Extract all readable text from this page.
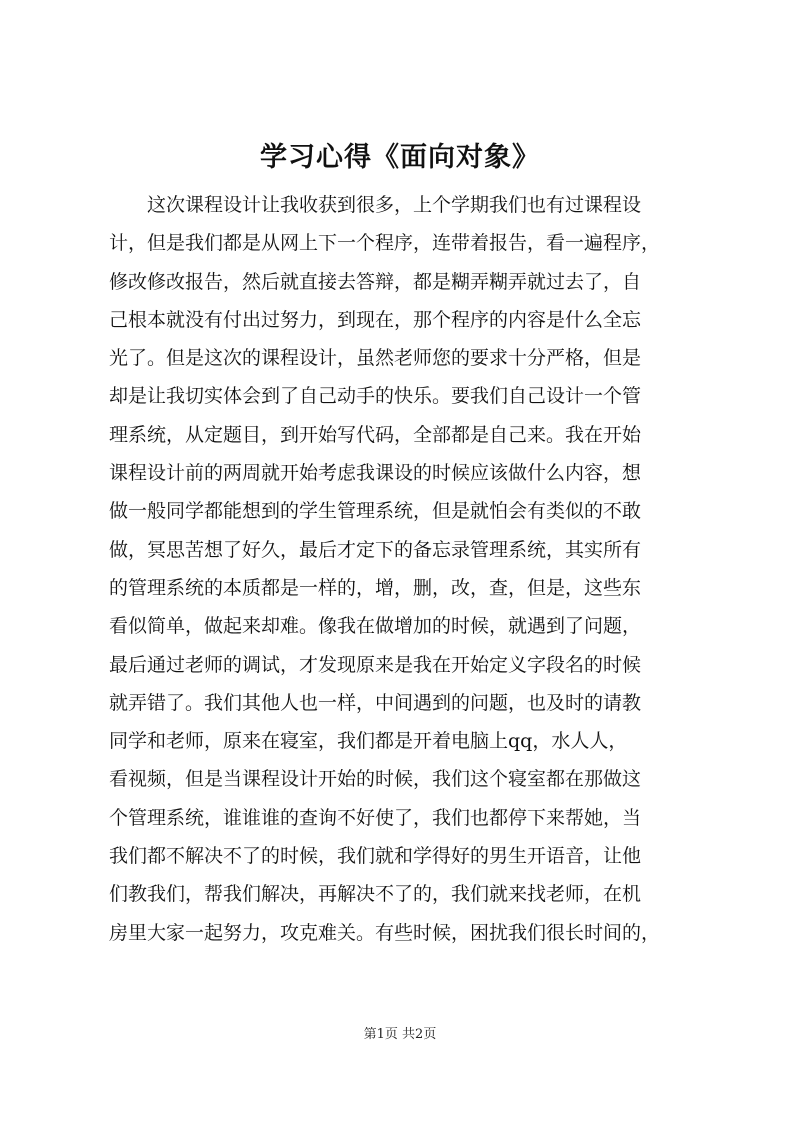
学习心得《面向对象》
这次课程设计让我收获到很多，上个学期我们也有过课程设
计，但是我们都是从网上下一个程序，连带着报告，看一遍程序，
修改修改报告，然后就直接去答辩，都是糊弄糊弄就过去了，自
己根本就没有付出过努力，到现在，那个程序的内容是什么全忘
光了。但是这次的课程设计，虽然老师您的要求十分严格，但是
却是让我切实体会到了自己动手的快乐。要我们自己设计一个管
理系统，从定题目，到开始写代码，全部都是自己来。我在开始
课程设计前的两周就开始考虑我课设的时候应该做什么内容，想
做一般同学都能想到的学生管理系统，但是就怕会有类似的不敢
做，冥思苦想了好久，最后才定下的备忘录管理系统，其实所有
的管理系统的本质都是一样的，增，删，改，查，但是，这些东
看似简单，做起来却难。像我在做增加的时候，就遇到了问题，
最后通过老师的调试，才发现原来是我在开始定义字段名的时候
就弄错了。我们其他人也一样，中间遇到的问题，也及时的请教
同学和老师，原来在寝室，我们都是开着电脑上qq，水人人，
看视频，但是当课程设计开始的时候，我们这个寝室都在那做这
个管理系统，谁谁谁的查询不好使了，我们也都停下来帮她，当
我们都不解决不了的时候，我们就和学得好的男生开语音，让他
们教我们，帮我们解决，再解决不了的，我们就来找老师，在机
房里大家一起努力，攻克难关。有些时候，困扰我们很长时间的，
第1页 共2页
